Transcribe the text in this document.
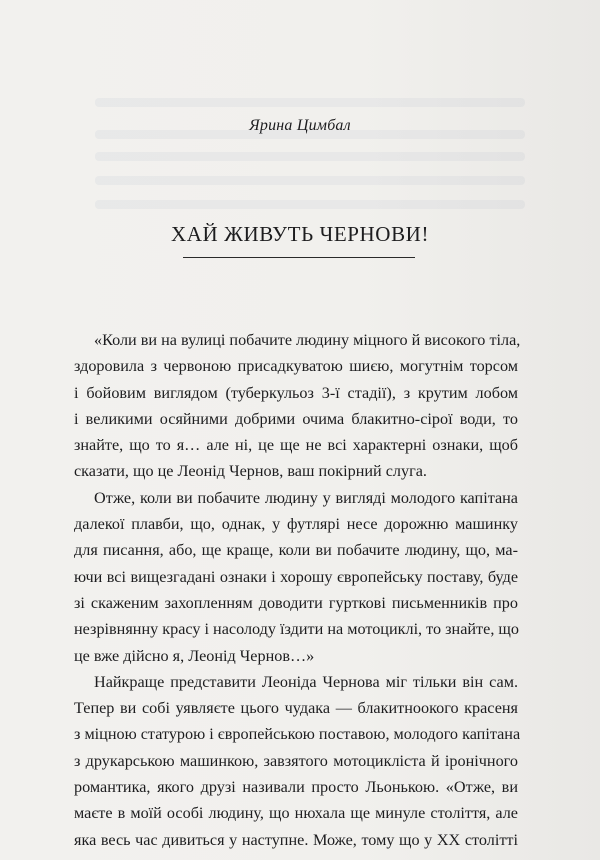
Ярина Цимбал
ХАЙ ЖИВУТЬ ЧЕРНОВИ!
«Коли ви на вулиці побачите людину міцного й високого тіла,
здоровила з червоною присадкуватою шиєю, могутнім торсом
і бойовим виглядом (туберкульоз 3-ї стадії), з крутим лобом
і великими осяйними добрими очима блакитно-сірої води, то
знайте, що то я… але ні, це ще не всі характерні ознаки, щоб
сказати, що це Леонід Чернов, ваш покірний слуга.
Отже, коли ви побачите людину у вигляді молодого капітана
далекої плавби, що, однак, у футлярі несе дорожню машинку
для писання, або, ще краще, коли ви побачите людину, що, ма-
ючи всі вищезгадані ознаки і хорошу європейську поставу, буде
зі скаженим захопленням доводити гуртковi письменників про
незрівнянну красу і насолоду їздити на мотоциклі, то знайте, що
це вже дійсно я, Леонід Чернов…»
Найкраще представити Леоніда Чернова міг тільки він сам.
Тепер ви собі уявляєте цього чудака — блакитноокого красеня
з міцною статурою і європейською поставою, молодого капітана
з друкарською машинкою, завзятого мотоцикліста й іронічного
романтика, якого друзі називали просто Льонькою. «Отже, ви
маєте в моїй особі людину, що нюхала ще минуле століття, але
яка весь час дивиться у наступне. Може, тому що у XX столітті
